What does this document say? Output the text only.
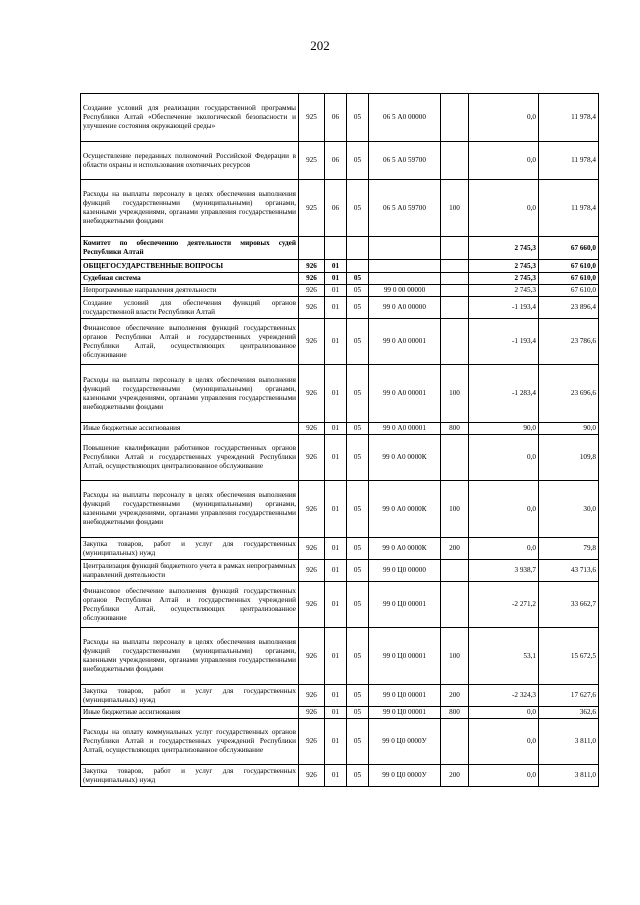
202
Создание условий для реализации государственной программы Республики Алтай «Обеспечение экологической безопасности и улучшение состояния окружающей среды»	925	06	05	06 5 А0 00000		0,0	11 978,4
Осуществление переданных полномочий Российской Федерации в области охраны и использования охотничьих ресурсов	925	06	05	06 5 А0 59700		0,0	11 978,4
Расходы на выплаты персоналу в целях обеспечения выполнения функций государственными (муниципальными) органами, казенными учреждениями, органами управления государственными внебюджетными фондами	925	06	05	06 5 А0 59700	100	0,0	11 978,4
Комитет по обеспечению деятельности мировых судей Республики Алтай						2 745,3	67 660,0
ОБЩЕГОСУДАРСТВЕННЫЕ ВОПРОСЫ	926	01				2 745,3	67 610,0
Судебная система	926	01	05			2 745,3	67 610,0
Непрограммные направления деятельности	926	01	05	99 0 00 00000		2 745,3	67 610,0
Создание условий для обеспечения функций органов государственной власти Республики Алтай	926	01	05	99 0 А0 00000		-1 193,4	23 896,4
Финансовое обеспечение выполнения функций государственных органов Республики Алтай и государственных учреждений Республики Алтай, осуществляющих централизованное обслуживание	926	01	05	99 0 А0 00001		-1 193,4	23 786,6
Расходы на выплаты персоналу в целях обеспечения выполнения функций государственными (муниципальными) органами, казенными учреждениями, органами управления государственными внебюджетными фондами	926	01	05	99 0 А0 00001	100	-1 283,4	23 696,6
Иные бюджетные ассигнования	926	01	05	99 0 А0 00001	800	90,0	90,0
Повышение квалификации работников государственных органов Республики Алтай и государственных учреждений Республики Алтай, осуществляющих централизованное обслуживание	926	01	05	99 0 А0 0000К		0,0	109,8
Расходы на выплаты персоналу в целях обеспечения выполнения функций государственными (муниципальными) органами, казенными учреждениями, органами управления государственными внебюджетными фондами	926	01	05	99 0 А0 0000К	100	0,0	30,0
Закупка товаров, работ и услуг для государственных (муниципальных) нужд	926	01	05	99 0 А0 0000К	200	0,0	79,8
Централизация функций бюджетного учета в рамках непрограммных направлений деятельности	926	01	05	99 0 Ц0 00000		3 938,7	43 713,6
Финансовое обеспечение выполнения функций государственных органов Республики Алтай и государственных учреждений Республики Алтай, осуществляющих централизованное обслуживание	926	01	05	99 0 Ц0 00001		-2 271,2	33 662,7
Расходы на выплаты персоналу в целях обеспечения выполнения функций государственными (муниципальными) органами, казенными учреждениями, органами управления государственными внебюджетными фондами	926	01	05	99 0 Ц0 00001	100	53,1	15 672,5
Закупка товаров, работ и услуг для государственных (муниципальных) нужд	926	01	05	99 0 Ц0 00001	200	-2 324,3	17 627,6
Иные бюджетные ассигнования	926	01	05	99 0 Ц0 00001	800	0,0	362,6
Расходы на оплату коммунальных услуг государственных органов Республики Алтай и государственных учреждений Республики Алтай, осуществляющих централизованное обслуживание	926	01	05	99 0 Ц0 0000У		0,0	3 811,0
Закупка товаров, работ и услуг для государственных (муниципальных) нужд	926	01	05	99 0 Ц0 0000У	200	0,0	3 811,0
